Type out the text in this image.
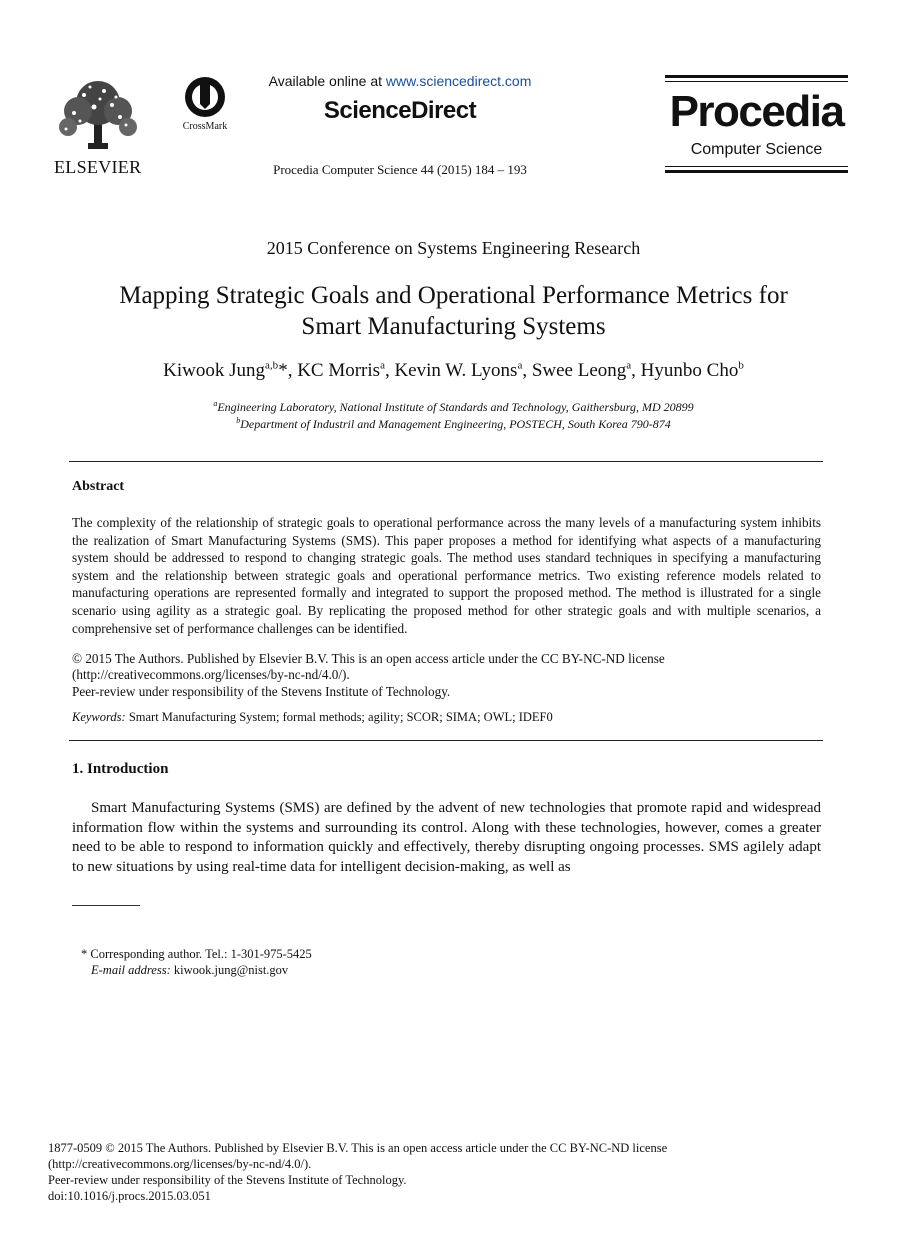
ELSEVIER
CrossMark
Available online at www.sciencedirect.com
ScienceDirect
Procedia Computer Science 44 (2015) 184 – 193
Procedia
Computer Science
2015 Conference on Systems Engineering Research
Mapping Strategic Goals and Operational Performance Metrics for
Smart Manufacturing Systems
Kiwook Jung$^{a,b}$*, KC Morris$^a$, Kevin W. Lyons$^a$, Swee Leong$^a$, Hyunbo Cho$^b$
$^a$Engineering Laboratory, National Institute of Standards and Technology, Gaithersburg, MD 20899
$^b$Department of Industril and Management Engineering, POSTECH, South Korea 790-874
Abstract
The complexity of the relationship of strategic goals to operational performance across the many levels of a manufacturing system inhibits the realization of Smart Manufacturing Systems (SMS). This paper proposes a method for identifying what aspects of a manufacturing system should be addressed to respond to changing strategic goals. The method uses standard techniques in specifying a manufacturing system and the relationship between strategic goals and operational performance metrics. Two existing reference models related to manufacturing operations are represented formally and integrated to support the proposed method. The method is illustrated for a single scenario using agility as a strategic goal. By replicating the proposed method for other strategic goals and with multiple scenarios, a comprehensive set of performance challenges can be identified.
© 2015 The Authors. Published by Elsevier B.V. This is an open access article under the CC BY-NC-ND license
(http://creativecommons.org/licenses/by-nc-nd/4.0/).
Peer-review under responsibility of the Stevens Institute of Technology.
Keywords: Smart Manufacturing System; formal methods; agility; SCOR; SIMA; OWL; IDEF0
1. Introduction
Smart Manufacturing Systems (SMS) are defined by the advent of new technologies that promote rapid and widespread information flow within the systems and surrounding its control. Along with these technologies, however, comes a greater need to be able to respond to information quickly and effectively, thereby disrupting ongoing processes. SMS agilely adapt to new situations by using real-time data for intelligent decision-making, as well as
* Corresponding author. Tel.: 1-301-975-5425
E-mail address: kiwook.jung@nist.gov
1877-0509 © 2015 The Authors. Published by Elsevier B.V. This is an open access article under the CC BY-NC-ND license
(http://creativecommons.org/licenses/by-nc-nd/4.0/).
Peer-review under responsibility of the Stevens Institute of Technology.
doi:10.1016/j.procs.2015.03.051
